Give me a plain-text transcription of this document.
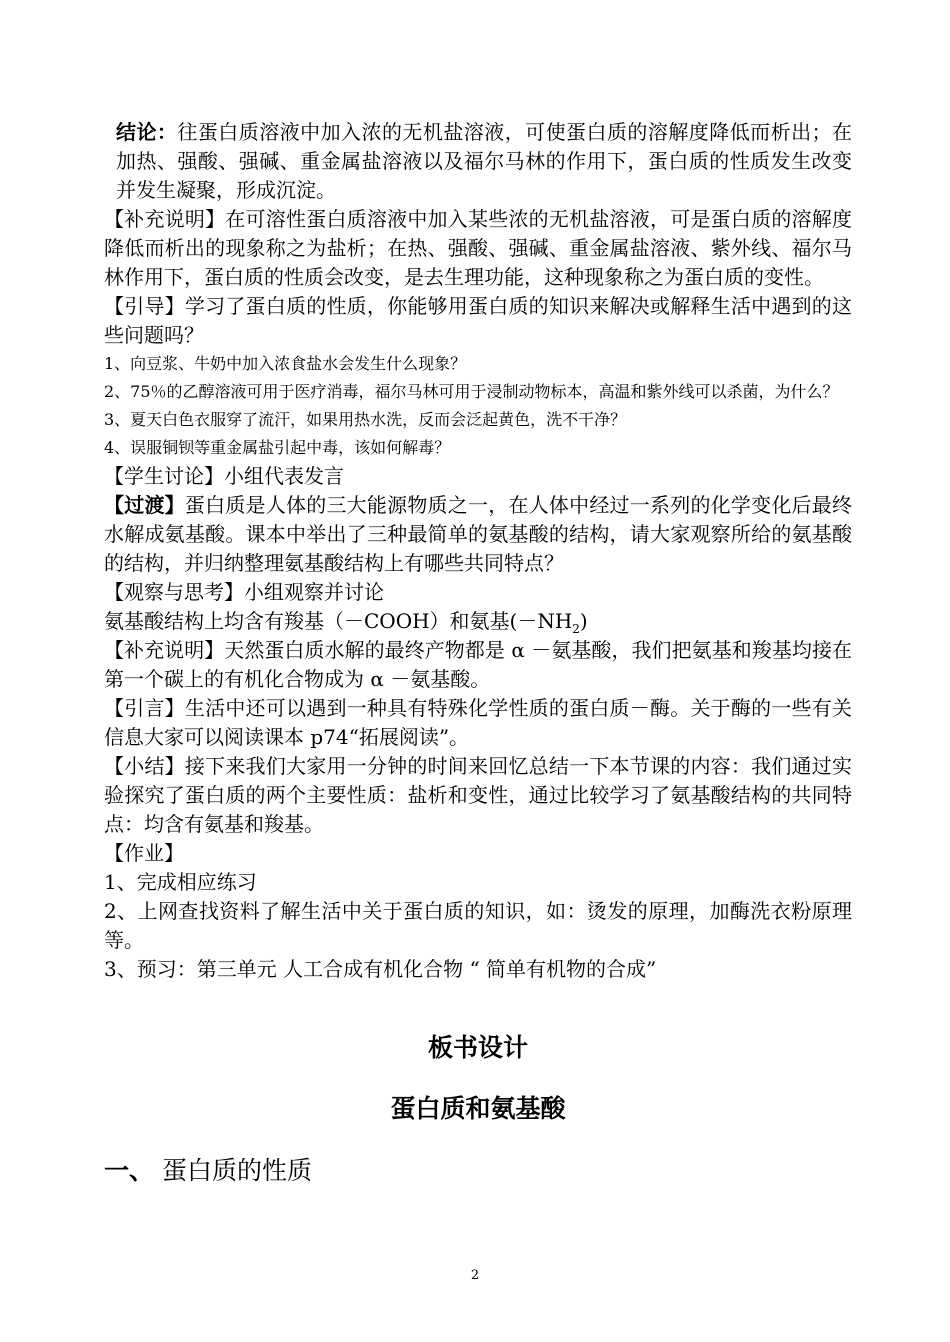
结论：往蛋白质溶液中加入浓的无机盐溶液，可使蛋白质的溶解度降低而析出；在加热、强酸、强碱、重金属盐溶液以及福尔马林的作用下，蛋白质的性质发生改变并发生凝聚，形成沉淀。

【补充说明】在可溶性蛋白质溶液中加入某些浓的无机盐溶液，可是蛋白质的溶解度降低而析出的现象称之为盐析；在热、强酸、强碱、重金属盐溶液、紫外线、福尔马林作用下，蛋白质的性质会改变，是去生理功能，这种现象称之为蛋白质的变性。

【引导】学习了蛋白质的性质，你能够用蛋白质的知识来解决或解释生活中遇到的这些问题吗？

1、向豆浆、牛奶中加入浓食盐水会发生什么现象？

2、75％的乙醇溶液可用于医疗消毒，福尔马林可用于浸制动物标本，高温和紫外线可以杀菌，为什么？

3、夏天白色衣服穿了流汗，如果用热水洗，反而会泛起黄色，洗不干净？

4、误服铜钡等重金属盐引起中毒，该如何解毒？

【学生讨论】小组代表发言

【过渡】蛋白质是人体的三大能源物质之一，在人体中经过一系列的化学变化后最终水解成氨基酸。课本中举出了三种最简单的氨基酸的结构，请大家观察所给的氨基酸的结构，并归纳整理氨基酸结构上有哪些共同特点？

【观察与思考】小组观察并讨论

氨基酸结构上均含有羧基（－COOH）和氨基$(-NH_2)$

【补充说明】天然蛋白质水解的最终产物都是 α －氨基酸，我们把氨基和羧基均接在第一个碳上的有机化合物成为 α －氨基酸。

【引言】生活中还可以遇到一种具有特殊化学性质的蛋白质－酶。关于酶的一些有关信息大家可以阅读课本 p74“拓展阅读”。

【小结】接下来我们大家用一分钟的时间来回忆总结一下本节课的内容：我们通过实验探究了蛋白质的两个主要性质：盐析和变性，通过比较学习了氨基酸结构的共同特点：均含有氨基和羧基。

【作业】

1、完成相应练习

2、上网查找资料了解生活中关于蛋白质的知识，如：烫发的原理，加酶洗衣粉原理等。

3、预习：第三单元 人工合成有机化合物 “ 简单有机物的合成”

板书设计

蛋白质和氨基酸

一、 蛋白质的性质

2
